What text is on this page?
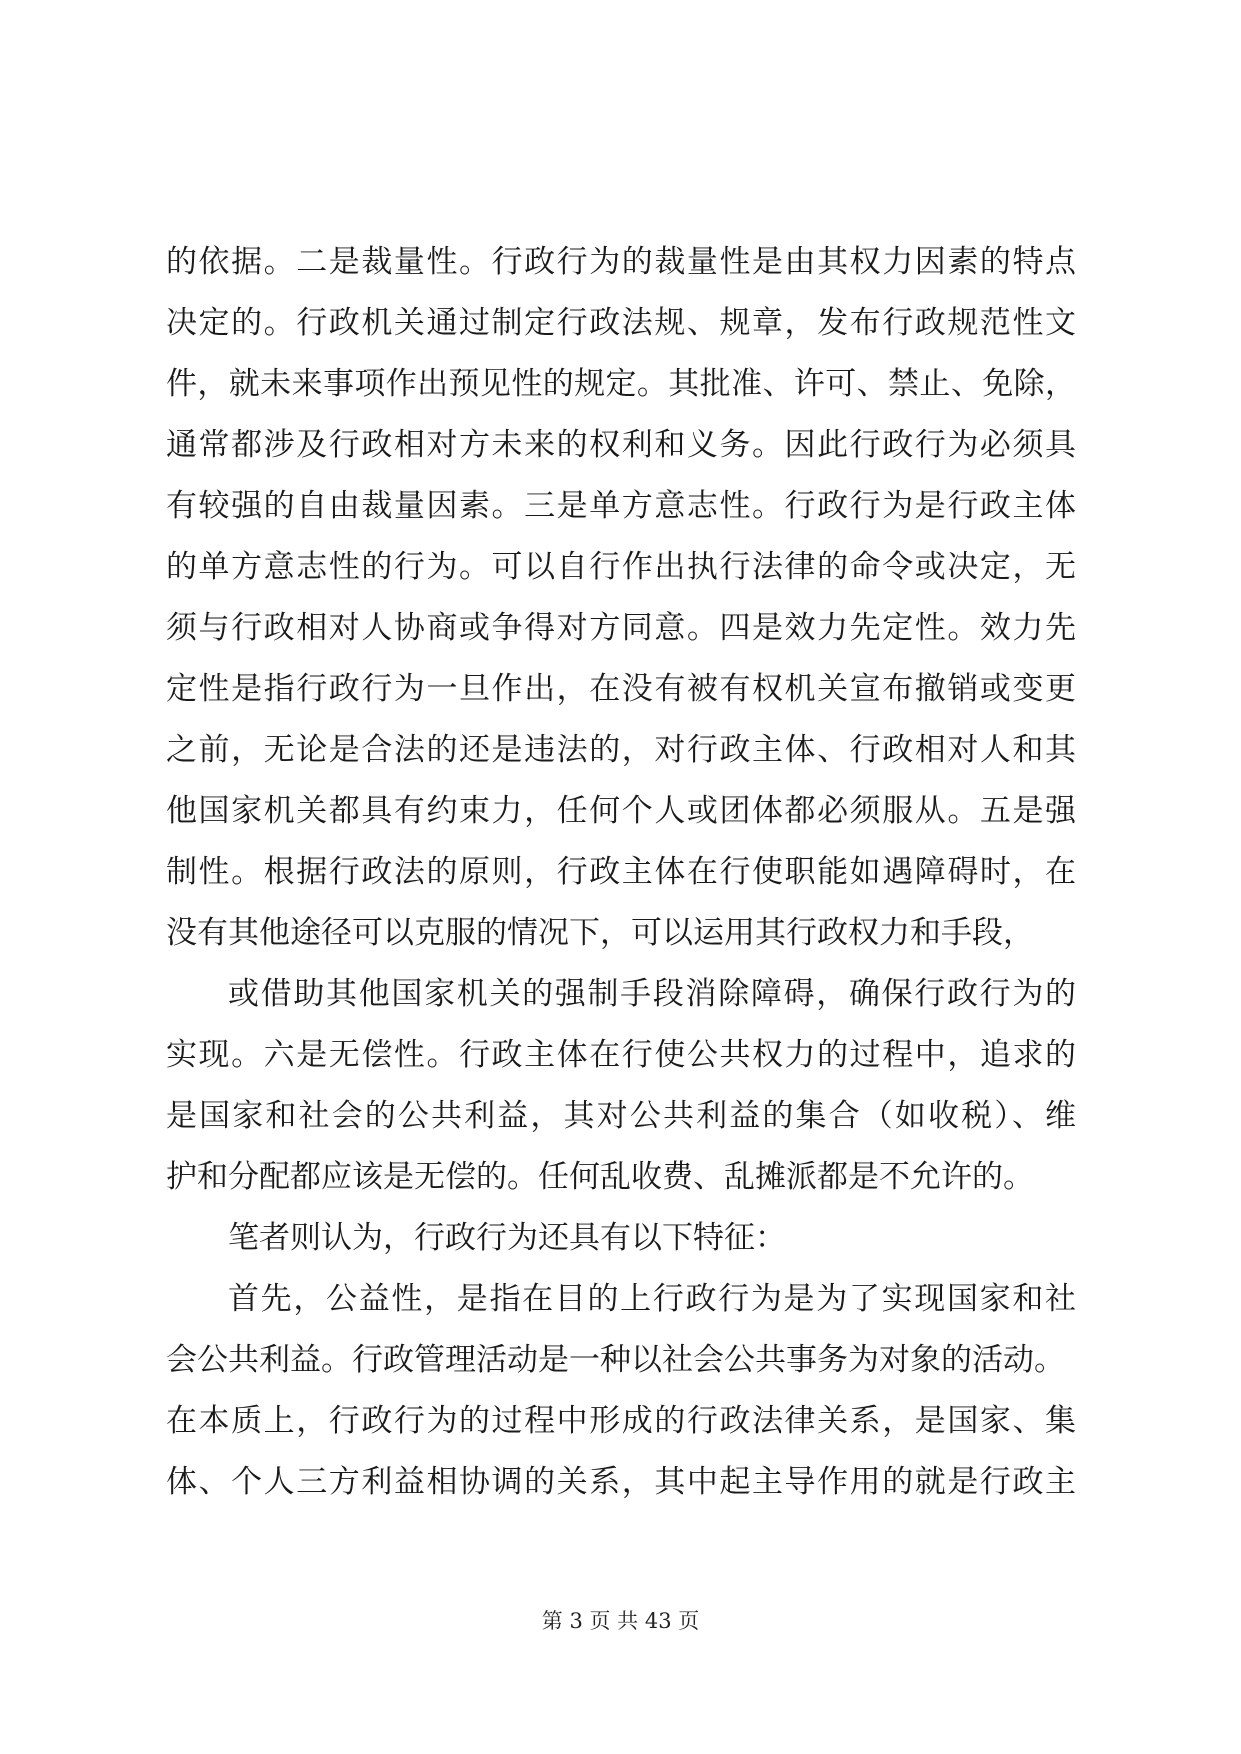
的依据。二是裁量性。行政行为的裁量性是由其权力因素的特点
决定的。行政机关通过制定行政法规、规章，发布行政规范性文
件，就未来事项作出预见性的规定。其批准、许可、禁止、免除，
通常都涉及行政相对方未来的权利和义务。因此行政行为必须具
有较强的自由裁量因素。三是单方意志性。行政行为是行政主体
的单方意志性的行为。可以自行作出执行法律的命令或决定，无
须与行政相对人协商或争得对方同意。四是效力先定性。效力先
定性是指行政行为一旦作出，在没有被有权机关宣布撤销或变更
之前，无论是合法的还是违法的，对行政主体、行政相对人和其
他国家机关都具有约束力，任何个人或团体都必须服从。五是强
制性。根据行政法的原则，行政主体在行使职能如遇障碍时，在
没有其他途径可以克服的情况下，可以运用其行政权力和手段，
或借助其他国家机关的强制手段消除障碍，确保行政行为的
实现。六是无偿性。行政主体在行使公共权力的过程中，追求的
是国家和社会的公共利益，其对公共利益的集合（如收税）、维
护和分配都应该是无偿的。任何乱收费、乱摊派都是不允许的。
笔者则认为，行政行为还具有以下特征：
首先，公益性，是指在目的上行政行为是为了实现国家和社
会公共利益。行政管理活动是一种以社会公共事务为对象的活动。
在本质上，行政行为的过程中形成的行政法律关系，是国家、集
体、个人三方利益相协调的关系，其中起主导作用的就是行政主
第 3 页 共 43 页
